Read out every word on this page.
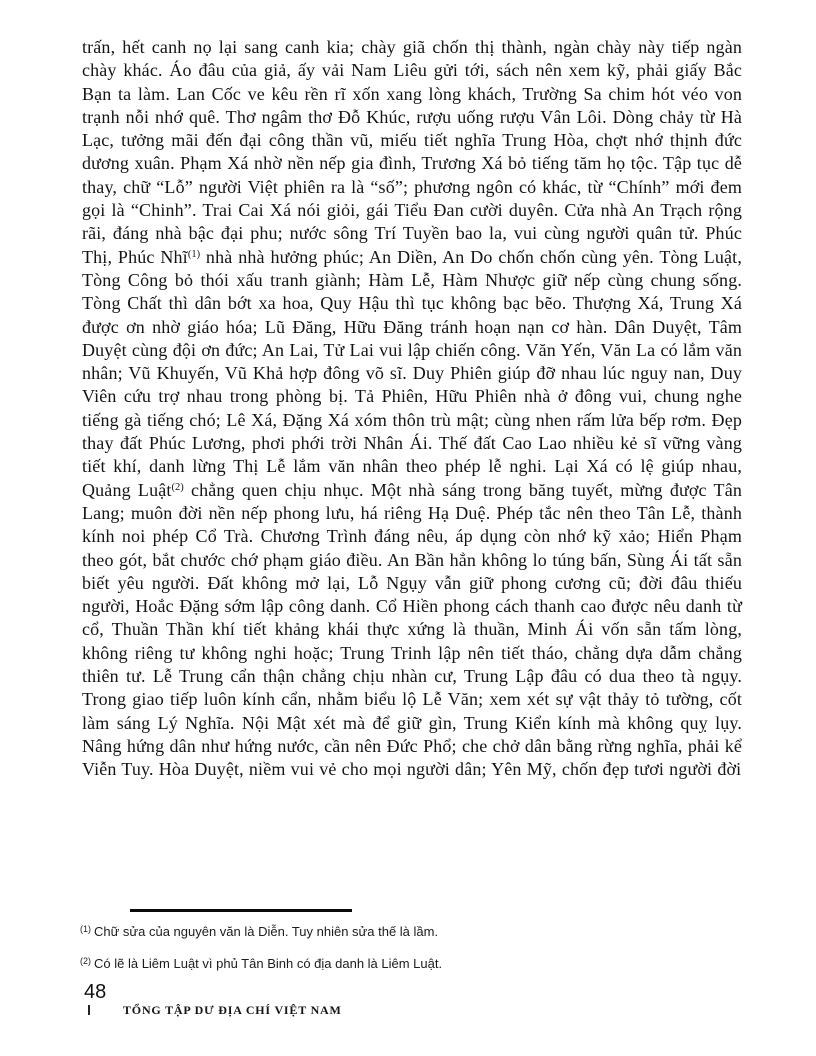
trấn, hết canh nọ lại sang canh kia; chày giã chốn thị thành, ngàn chày này tiếp ngàn chày khác. Áo đâu của giả, ấy vải Nam Liêu gửi tới, sách nên xem kỹ, phải giấy Bắc Bạn ta làm. Lan Cốc ve kêu rền rĩ xốn xang lòng khách, Trường Sa chim hót véo von trạnh nỗi nhớ quê. Thơ ngâm thơ Đỗ Khúc, rượu uống rượu Vân Lôi. Dòng chảy từ Hà Lạc, tưởng mãi đến đại công thần vũ, miếu tiết nghĩa Trung Hòa, chợt nhớ thịnh đức dương xuân. Phạm Xá nhờ nền nếp gia đình, Trương Xá bỏ tiếng tăm họ tộc. Tập tục dễ thay, chữ “Lỗ” người Việt phiên ra là “số”; phương ngôn có khác, từ “Chính” mới đem gọi là “Chinh”. Trai Cai Xá nói giỏi, gái Tiểu Đan cười duyên. Cửa nhà An Trạch rộng rãi, đáng nhà bậc đại phu; nước sông Trí Tuyền bao la, vui cùng người quân tử. Phúc Thị, Phúc Nhĩ$^{(1)}$ nhà nhà hưởng phúc; An Diền, An Do chốn chốn cùng yên. Tòng Luật, Tòng Công bỏ thói xấu tranh giành; Hàm Lễ, Hàm Nhược giữ nếp cùng chung sống. Tòng Chất thì dân bớt xa hoa, Quy Hậu thì tục không bạc bẽo. Thượng Xá, Trung Xá được ơn nhờ giáo hóa; Lũ Đăng, Hữu Đăng tránh hoạn nạn cơ hàn. Dân Duyệt, Tâm Duyệt cùng đội ơn đức; An Lai, Tử Lai vui lập chiến công. Văn Yến, Văn La có lắm văn nhân; Vũ Khuyến, Vũ Khả hợp đông võ sĩ. Duy Phiên giúp đỡ nhau lúc nguy nan, Duy Viên cứu trợ nhau trong phòng bị. Tả Phiên, Hữu Phiên nhà ở đông vui, chung nghe tiếng gà tiếng chó; Lê Xá, Đặng Xá xóm thôn trù mật; cùng nhen rấm lửa bếp rơm. Đẹp thay đất Phúc Lương, phơi phới trời Nhân Ái. Thế đất Cao Lao nhiều kẻ sĩ vững vàng tiết khí, danh lừng Thị Lễ lắm văn nhân theo phép lễ nghi. Lại Xá có lệ giúp nhau, Quảng Luật$^{(2)}$ chẳng quen chịu nhục. Một nhà sáng trong băng tuyết, mừng được Tân Lang; muôn đời nền nếp phong lưu, há riêng Hạ Duệ. Phép tắc nên theo Tân Lễ, thành kính noi phép Cổ Trà. Chương Trình đáng nêu, áp dụng còn nhớ kỹ xảo; Hiển Phạm theo gót, bắt chước chớ phạm giáo điều. An Bần hẳn không lo túng bấn, Sùng Ái tất sẵn biết yêu người. Đất không mở lại, Lỗ Ngụy vẫn giữ phong cương cũ; đời đâu thiếu người, Hoắc Đặng sớm lập công danh. Cổ Hiền phong cách thanh cao được nêu danh từ cổ, Thuần Thần khí tiết khảng khái thực xứng là thuần, Minh Ái vốn sẵn tấm lòng, không riêng tư không nghi hoặc; Trung Trinh lập nên tiết tháo, chẳng dựa dẫm chẳng thiên tư. Lễ Trung cẩn thận chẳng chịu nhàn cư, Trung Lập đâu có dua theo tà ngụy. Trong giao tiếp luôn kính cẩn, nhằm biểu lộ Lễ Văn; xem xét sự vật thảy tỏ tường, cốt làm sáng Lý Nghĩa. Nội Mật xét mà để giữ gìn, Trung Kiển kính mà không quỵ lụy. Nâng hứng dân như hứng nước, cần nên Đức Phổ; che chở dân bằng rừng nghĩa, phải kể Viễn Tuy. Hòa Duyệt, niềm vui vẻ cho mọi người dân; Yên Mỹ, chốn đẹp tươi người đời
$^{(1)}$ Chữ sửa của nguyên văn là Diễn. Tuy nhiên sửa thế là lầm.
$^{(2)}$ Có lẽ là Liêm Luật vì phủ Tân Binh có địa danh là Liêm Luật.
48
TỔNG TẬP DƯ ĐỊA CHÍ VIỆT NAM
